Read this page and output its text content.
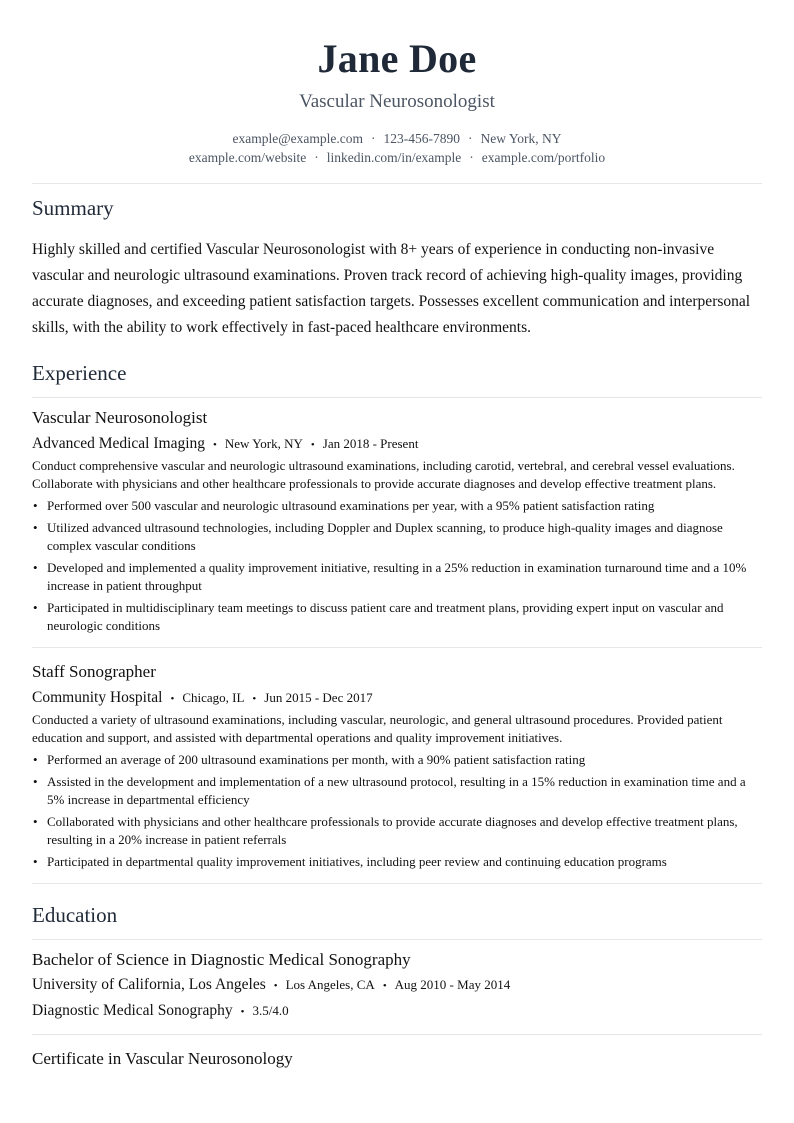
Jane Doe
Vascular Neurosonologist
example@example.com · 123-456-7890 · New York, NY
example.com/website · linkedin.com/in/example · example.com/portfolio
Summary

Highly skilled and certified Vascular Neurosonologist with 8+ years of experience in conducting non-invasive vascular and neurologic ultrasound examinations. Proven track record of achieving high-quality images, providing accurate diagnoses, and exceeding patient satisfaction targets. Possesses excellent communication and interpersonal skills, with the ability to work effectively in fast-paced healthcare environments.

Experience
Vascular Neurosonologist
Advanced Medical Imaging • New York, NY • Jan 2018 - Present

Conduct comprehensive vascular and neurologic ultrasound examinations, including carotid, vertebral, and cerebral vessel evaluations. Collaborate with physicians and other healthcare professionals to provide accurate diagnoses and develop effective treatment plans.

• Performed over 500 vascular and neurologic ultrasound examinations per year, with a 95% patient satisfaction rating
• Utilized advanced ultrasound technologies, including Doppler and Duplex scanning, to produce high-quality images and diagnose complex vascular conditions
• Developed and implemented a quality improvement initiative, resulting in a 25% reduction in examination turnaround time and a 10% increase in patient throughput
• Participated in multidisciplinary team meetings to discuss patient care and treatment plans, providing expert input on vascular and neurologic conditions
Staff Sonographer
Community Hospital • Chicago, IL • Jun 2015 - Dec 2017

Conducted a variety of ultrasound examinations, including vascular, neurologic, and general ultrasound procedures. Provided patient education and support, and assisted with departmental operations and quality improvement initiatives.

• Performed an average of 200 ultrasound examinations per month, with a 90% patient satisfaction rating
• Assisted in the development and implementation of a new ultrasound protocol, resulting in a 15% reduction in examination time and a 5% increase in departmental efficiency
• Collaborated with physicians and other healthcare professionals to provide accurate diagnoses and develop effective treatment plans, resulting in a 20% increase in patient referrals
• Participated in departmental quality improvement initiatives, including peer review and continuing education programs
Education
Bachelor of Science in Diagnostic Medical Sonography
University of California, Los Angeles • Los Angeles, CA • Aug 2010 - May 2014
Diagnostic Medical Sonography • 3.5/4.0
Certificate in Vascular Neurosonology
